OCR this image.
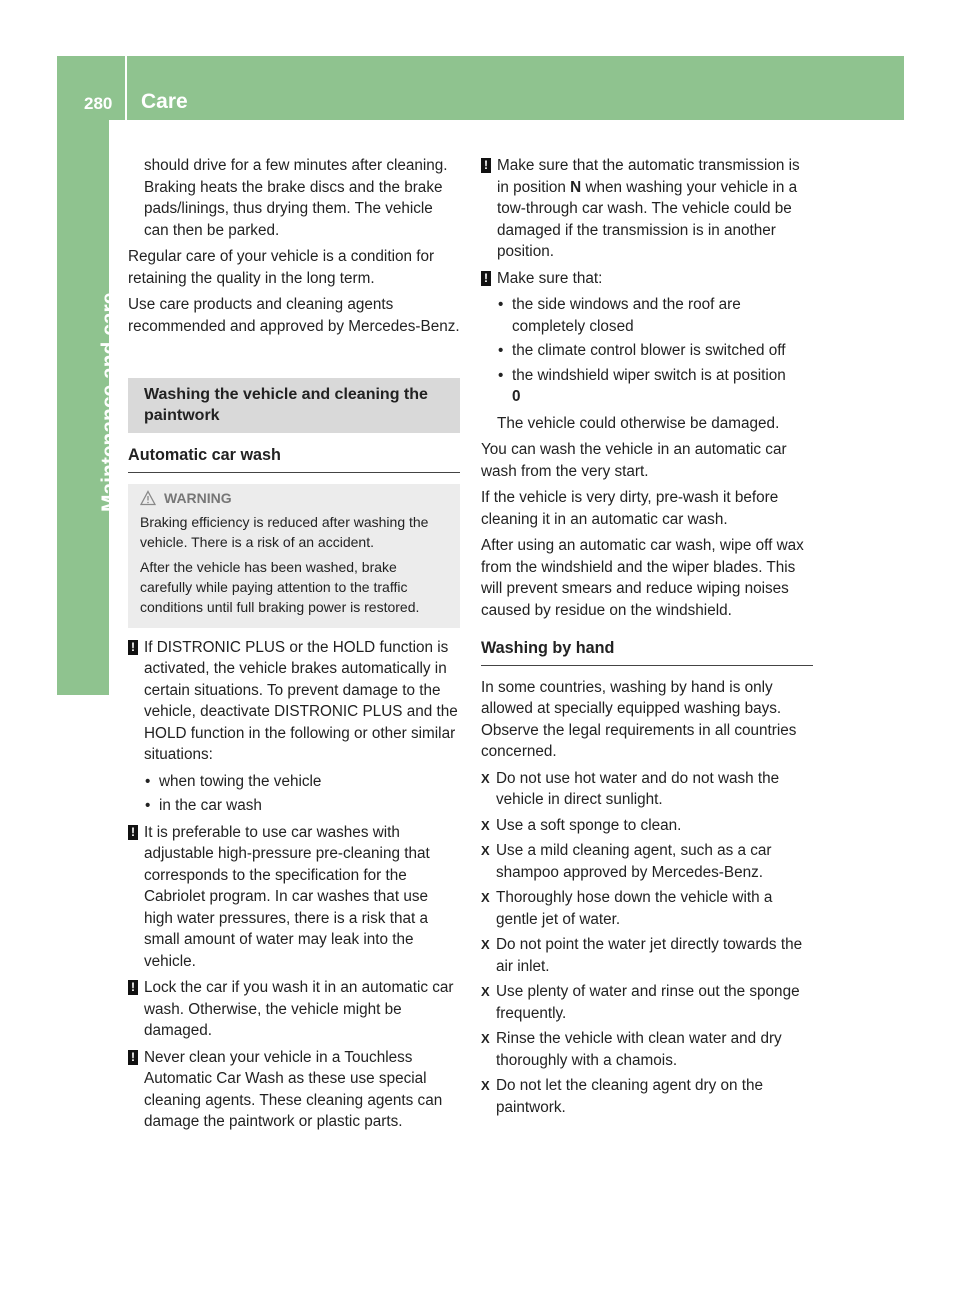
280 Care
Maintenance and care

should drive for a few minutes after cleaning. Braking heats the brake discs and the brake pads/linings, thus drying them. The vehicle can then be parked.

Regular care of your vehicle is a condition for retaining the quality in the long term.

Use care products and cleaning agents recommended and approved by Mercedes-Benz.

Washing the vehicle and cleaning the paintwork
Automatic car wash
WARNING

Braking efficiency is reduced after washing the vehicle. There is a risk of an accident.

After the vehicle has been washed, brake carefully while paying attention to the traffic conditions until full braking power is restored.

! If DISTRONIC PLUS or the HOLD function is activated, the vehicle brakes automatically in certain situations. To prevent damage to the vehicle, deactivate DISTRONIC PLUS and the HOLD function in the following or other similar situations:
• when towing the vehicle
• in the car wash
! It is preferable to use car washes with adjustable high-pressure pre-cleaning that corresponds to the specification for the Cabriolet program. In car washes that use high water pressures, there is a risk that a small amount of water may leak into the vehicle.
! Lock the car if you wash it in an automatic car wash. Otherwise, the vehicle might be damaged.
! Never clean your vehicle in a Touchless Automatic Car Wash as these use special cleaning agents. These cleaning agents can damage the paintwork or plastic parts.
! Make sure that the automatic transmission is in position N when washing your vehicle in a tow-through car wash. The vehicle could be damaged if the transmission is in another position.
! Make sure that:
• the side windows and the roof are completely closed
• the climate control blower is switched off
• the windshield wiper switch is at position
0

The vehicle could otherwise be damaged.

You can wash the vehicle in an automatic car wash from the very start.

If the vehicle is very dirty, pre-wash it before cleaning it in an automatic car wash.

After using an automatic car wash, wipe off wax from the windshield and the wiper blades. This will prevent smears and reduce wiping noises caused by residue on the windshield.

Washing by hand

In some countries, washing by hand is only allowed at specially equipped washing bays. Observe the legal requirements in all countries concerned.

X Do not use hot water and do not wash the vehicle in direct sunlight.
X Use a soft sponge to clean.
X Use a mild cleaning agent, such as a car shampoo approved by Mercedes-Benz.
X Thoroughly hose down the vehicle with a gentle jet of water.
X Do not point the water jet directly towards the air inlet.
X Use plenty of water and rinse out the sponge frequently.
X Rinse the vehicle with clean water and dry thoroughly with a chamois.
X Do not let the cleaning agent dry on the paintwork.
